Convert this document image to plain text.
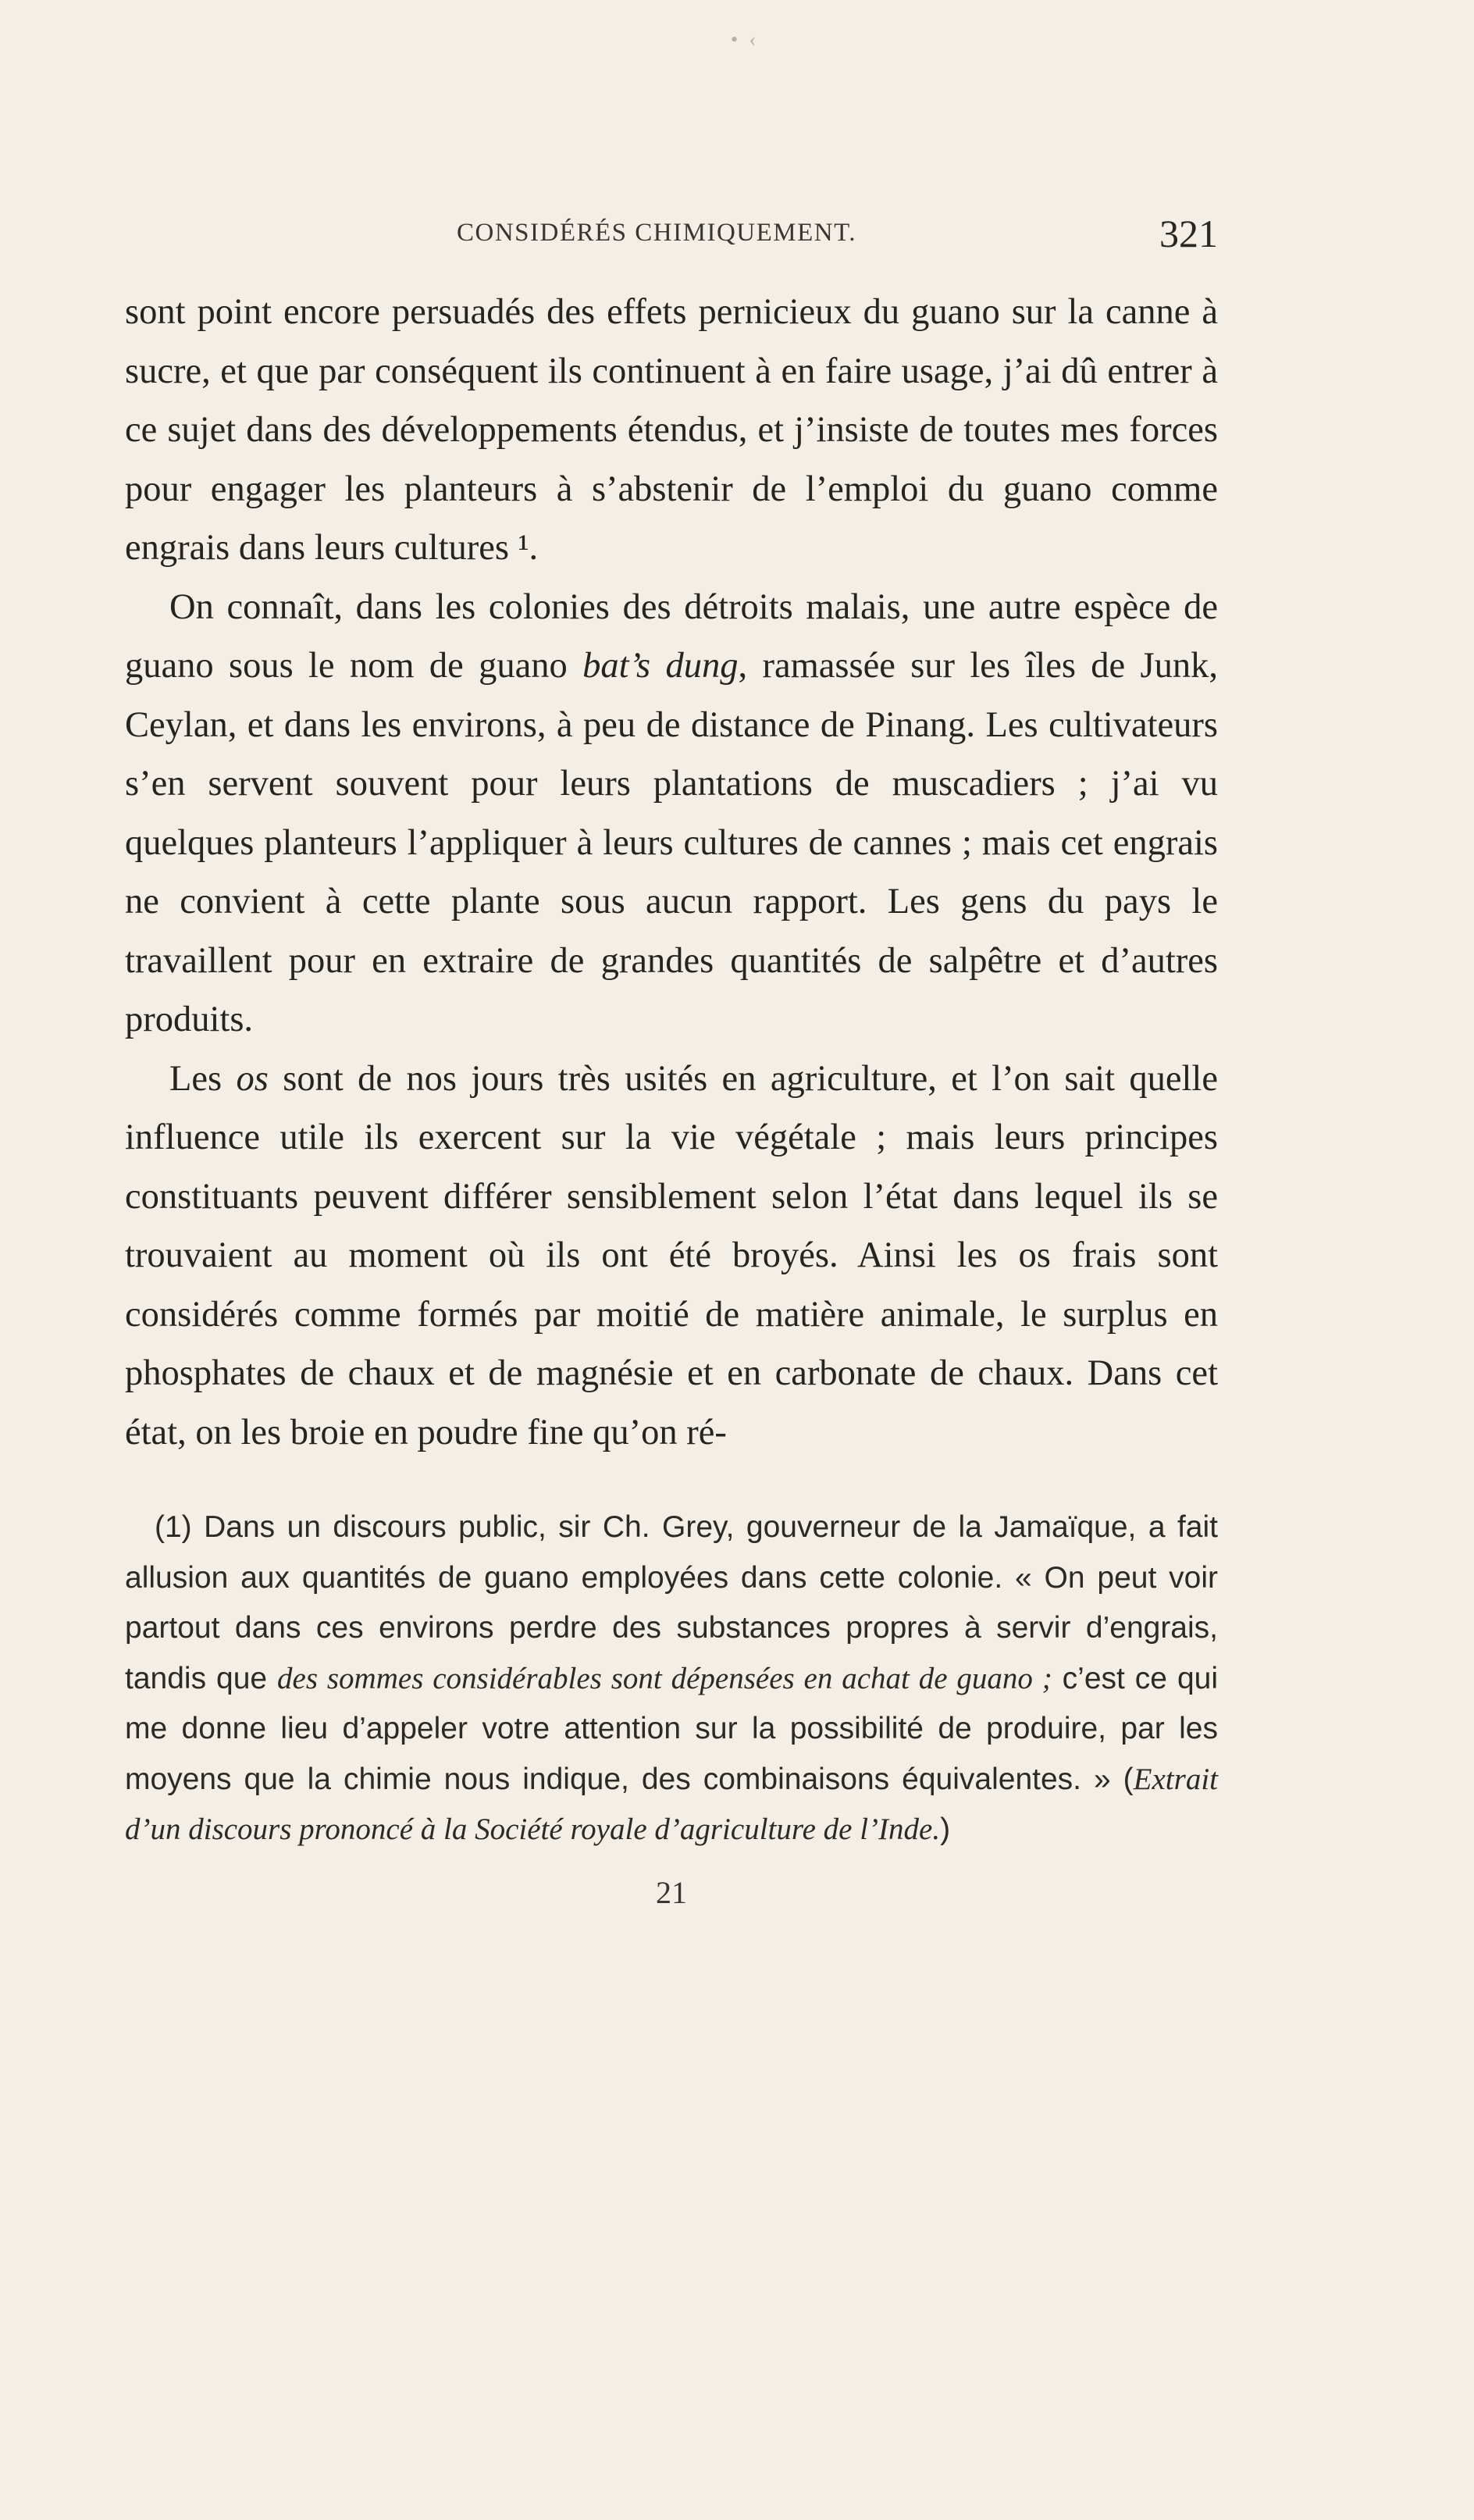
• ‹
CONSIDÉRÉS CHIMIQUEMENT.	321

sont point encore persuadés des effets pernicieux du guano sur la canne à sucre, et que par conséquent ils continuent à en faire usage, j’ai dû entrer à ce sujet dans des développements étendus, et j’insiste de toutes mes forces pour engager les planteurs à s’abstenir de l’emploi du guano comme engrais dans leurs cultures ¹.

On connaît, dans les colonies des détroits malais, une autre espèce de guano sous le nom de guano bat’s dung, ramassée sur les îles de Junk, Ceylan, et dans les environs, à peu de distance de Pinang. Les cultivateurs s’en servent souvent pour leurs plantations de muscadiers ; j’ai vu quelques planteurs l’appliquer à leurs cultures de cannes ; mais cet engrais ne convient à cette plante sous aucun rapport. Les gens du pays le travaillent pour en extraire de grandes quantités de salpêtre et d’autres produits.

Les os sont de nos jours très usités en agriculture, et l’on sait quelle influence utile ils exercent sur la vie végétale ; mais leurs principes constituants peuvent différer sensiblement selon l’état dans lequel ils se trouvaient au moment où ils ont été broyés. Ainsi les os frais sont considérés comme formés par moitié de matière animale, le surplus en phosphates de chaux et de magnésie et en carbonate de chaux. Dans cet état, on les broie en poudre fine qu’on ré-

(1) Dans un discours public, sir Ch. Grey, gouverneur de la Jamaïque, a fait allusion aux quantités de guano employées dans cette colonie. « On peut voir partout dans ces environs perdre des substances propres à servir d’engrais, tandis que des sommes considérables sont dépensées en achat de guano ; c’est ce qui me donne lieu d’appeler votre attention sur la possibilité de produire, par les moyens que la chimie nous indique, des combinaisons équivalentes. » (Extrait d’un discours prononcé à la Société royale d’agriculture de l’Inde.)
21
